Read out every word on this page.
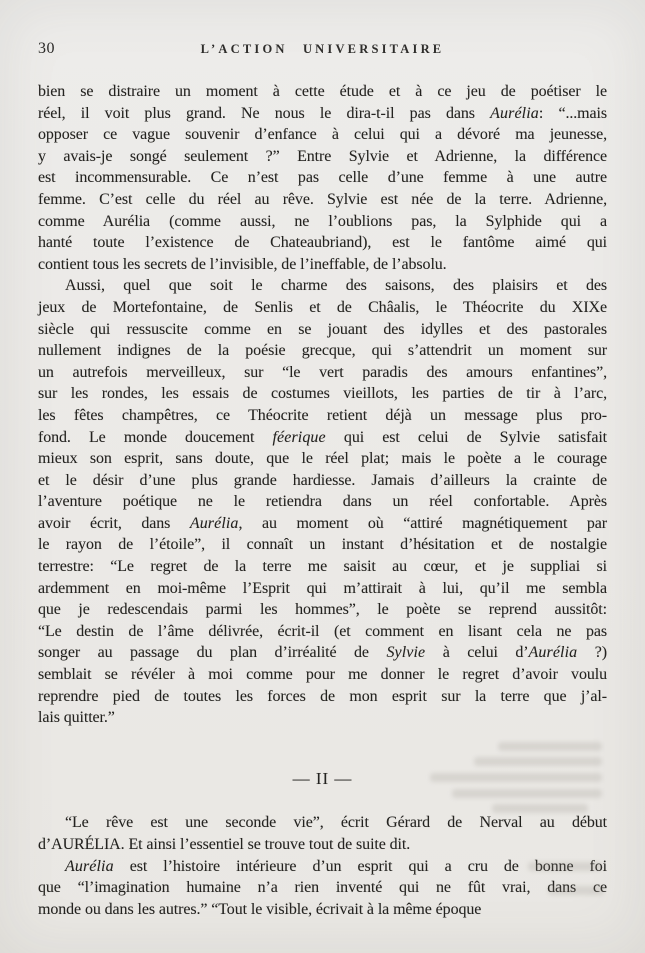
30	L’ACTION UNIVERSITAIRE
bien se distraire un moment à cette étude et à ce jeu de poétiser le
réel, il voit plus grand. Ne nous le dira-t-il pas dans Aurélia: “...mais
opposer ce vague souvenir d’enfance à celui qui a dévoré ma jeunesse,
y avais-je songé seulement ?” Entre Sylvie et Adrienne, la différence
est incommensurable. Ce n’est pas celle d’une femme à une autre
femme. C’est celle du réel au rêve. Sylvie est née de la terre. Adrienne,
comme Aurélia (comme aussi, ne l’oublions pas, la Sylphide qui a
hanté toute l’existence de Chateaubriand), est le fantôme aimé qui
contient tous les secrets de l’invisible, de l’ineffable, de l’absolu.
Aussi, quel que soit le charme des saisons, des plaisirs et des
jeux de Mortefontaine, de Senlis et de Châalis, le Théocrite du XIXe
siècle qui ressuscite comme en se jouant des idylles et des pastorales
nullement indignes de la poésie grecque, qui s’attendrit un moment sur
un autrefois merveilleux, sur “le vert paradis des amours enfantines”,
sur les rondes, les essais de costumes vieillots, les parties de tir à l’arc,
les fêtes champêtres, ce Théocrite retient déjà un message plus pro-
fond. Le monde doucement féerique qui est celui de Sylvie satisfait
mieux son esprit, sans doute, que le réel plat; mais le poète a le courage
et le désir d’une plus grande hardiesse. Jamais d’ailleurs la crainte de
l’aventure poétique ne le retiendra dans un réel confortable. Après
avoir écrit, dans Aurélia, au moment où “attiré magnétiquement par
le rayon de l’étoile”, il connaît un instant d’hésitation et de nostalgie
terrestre: “Le regret de la terre me saisit au cœur, et je suppliai si
ardemment en moi-même l’Esprit qui m’attirait à lui, qu’il me sembla
que je redescendais parmi les hommes”, le poète se reprend aussitôt:
“Le destin de l’âme délivrée, écrit-il (et comment en lisant cela ne pas
songer au passage du plan d’irréalité de Sylvie à celui d’Aurélia ?)
semblait se révéler à moi comme pour me donner le regret d’avoir voulu
reprendre pied de toutes les forces de mon esprit sur la terre que j’al-
lais quitter.”
— II —
“Le rêve est une seconde vie”, écrit Gérard de Nerval au début
d’AURÉLIA. Et ainsi l’essentiel se trouve tout de suite dit.
Aurélia est l’histoire intérieure d’un esprit qui a cru de bonne foi
que “l’imagination humaine n’a rien inventé qui ne fût vrai, dans ce
monde ou dans les autres.” “Tout le visible, écrivait à la même époque
